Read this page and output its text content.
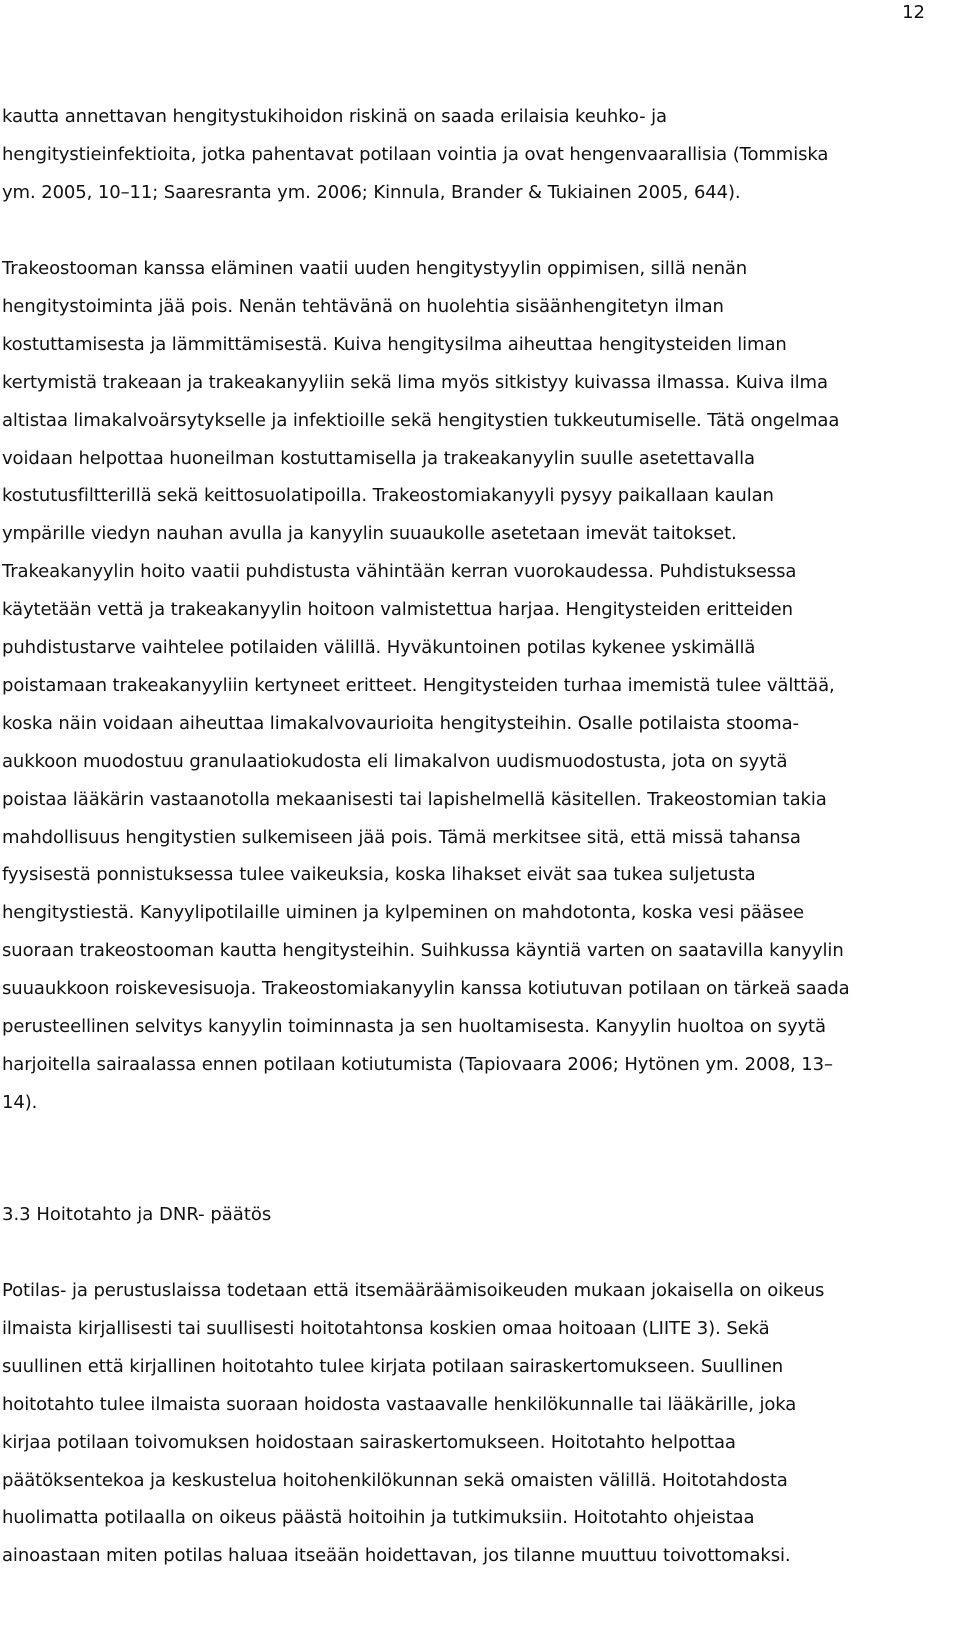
12
kautta annettavan hengitystukihoidon riskinä on saada erilaisia keuhko- ja
hengitystieinfektioita, jotka pahentavat potilaan vointia ja ovat hengenvaarallisia (Tommiska
ym. 2005, 10–11; Saaresranta ym. 2006; Kinnula, Brander & Tukiainen 2005, 644).
Trakeostooman kanssa eläminen vaatii uuden hengitystyylin oppimisen, sillä nenän
hengitystoiminta jää pois. Nenän tehtävänä on huolehtia sisäänhengitetyn ilman
kostuttamisesta ja lämmittämisestä. Kuiva hengitysilma aiheuttaa hengitysteiden liman
kertymistä trakeaan ja trakeakanyyliin sekä lima myös sitkistyy kuivassa ilmassa. Kuiva ilma
altistaa limakalvoärsytykselle ja infektioille sekä hengitystien tukkeutumiselle. Tätä ongelmaa
voidaan helpottaa huoneilman kostuttamisella ja trakeakanyylin suulle asetettavalla
kostutusfiltterillä sekä keittosuolatipoilla. Trakeostomiakanyyli pysyy paikallaan kaulan
ympärille viedyn nauhan avulla ja kanyylin suuaukolle asetetaan imevät taitokset.
Trakeakanyylin hoito vaatii puhdistusta vähintään kerran vuorokaudessa. Puhdistuksessa
käytetään vettä ja trakeakanyylin hoitoon valmistettua harjaa. Hengitysteiden eritteiden
puhdistustarve vaihtelee potilaiden välillä. Hyväkuntoinen potilas kykenee yskimällä
poistamaan trakeakanyyliin kertyneet eritteet. Hengitysteiden turhaa imemistä tulee välttää,
koska näin voidaan aiheuttaa limakalvovaurioita hengitysteihin. Osalle potilaista stooma-
aukkoon muodostuu granulaatiokudosta eli limakalvon uudismuodostusta, jota on syytä
poistaa lääkärin vastaanotolla mekaanisesti tai lapishelmellä käsitellen. Trakeostomian takia
mahdollisuus hengitystien sulkemiseen jää pois. Tämä merkitsee sitä, että missä tahansa
fyysisestä ponnistuksessa tulee vaikeuksia, koska lihakset eivät saa tukea suljetusta
hengitystiestä. Kanyylipotilaille uiminen ja kylpeminen on mahdotonta, koska vesi pääsee
suoraan trakeostooman kautta hengitysteihin. Suihkussa käyntiä varten on saatavilla kanyylin
suuaukkoon roiskevesisuoja. Trakeostomiakanyylin kanssa kotiutuvan potilaan on tärkeä saada
perusteellinen selvitys kanyylin toiminnasta ja sen huoltamisesta. Kanyylin huoltoa on syytä
harjoitella sairaalassa ennen potilaan kotiutumista (Tapiovaara 2006; Hytönen ym. 2008, 13–
14).
3.3 Hoitotahto ja DNR- päätös
Potilas- ja perustuslaissa todetaan että itsemääräämisoikeuden mukaan jokaisella on oikeus
ilmaista kirjallisesti tai suullisesti hoitotahtonsa koskien omaa hoitoaan (LIITE 3). Sekä
suullinen että kirjallinen hoitotahto tulee kirjata potilaan sairaskertomukseen. Suullinen
hoitotahto tulee ilmaista suoraan hoidosta vastaavalle henkilökunnalle tai lääkärille, joka
kirjaa potilaan toivomuksen hoidostaan sairaskertomukseen. Hoitotahto helpottaa
päätöksentekoa ja keskustelua hoitohenkilökunnan sekä omaisten välillä. Hoitotahdosta
huolimatta potilaalla on oikeus päästä hoitoihin ja tutkimuksiin. Hoitotahto ohjeistaa
ainoastaan miten potilas haluaa itseään hoidettavan, jos tilanne muuttuu toivottomaksi.
